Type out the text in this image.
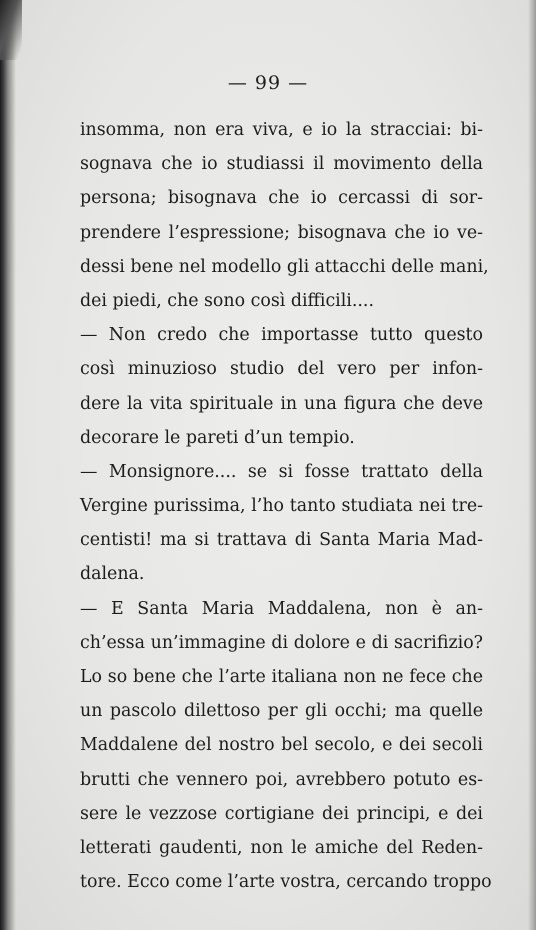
— 99 —
insomma, non era viva, e io la stracciai: bi-
sognava che io studiassi il movimento della
persona; bisognava che io cercassi di sor-
prendere l’espressione; bisognava che io ve-
dessi bene nel modello gli attacchi delle mani,
dei piedi, che sono così difficili....
— Non credo che importasse tutto questo
così minuzioso studio del vero per infon-
dere la vita spirituale in una figura che deve
decorare le pareti d’un tempio.
— Monsignore.... se si fosse trattato della
Vergine purissima, l’ho tanto studiata nei tre-
centisti! ma si trattava di Santa Maria Mad-
dalena.
— E Santa Maria Maddalena, non è an-
ch’essa un’immagine di dolore e di sacrifizio?
Lo so bene che l’arte italiana non ne fece che
un pascolo dilettoso per gli occhi; ma quelle
Maddalene del nostro bel secolo, e dei secoli
brutti che vennero poi, avrebbero potuto es-
sere le vezzose cortigiane dei principi, e dei
letterati gaudenti, non le amiche del Reden-
tore. Ecco come l’arte vostra, cercando troppo
